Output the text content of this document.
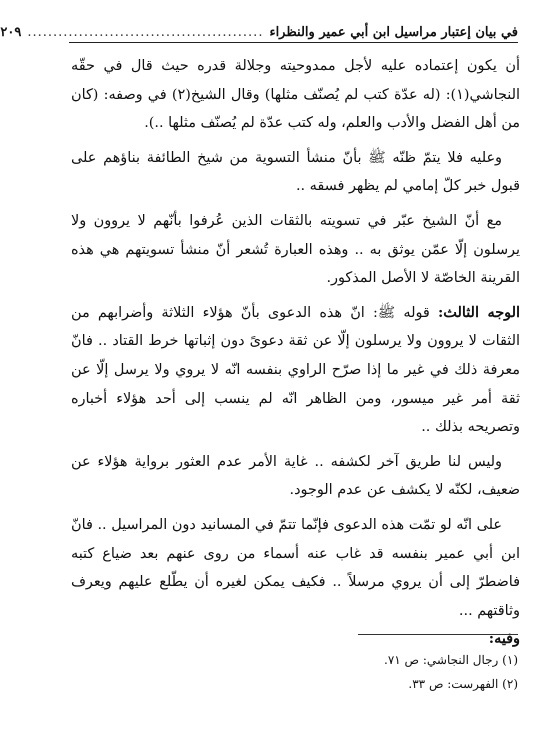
في بيان إعتبار مراسيل ابن أبي عمير والنظراء
..............................................
٢٠٩

أن يكون إعتماده عليه لأجل ممدوحيته وجلالة قدره حيث قال في حقّه النجاشي(١): (له عدّة كتب لم يُصنّف مثلها) وقال الشيخ(٢) في وصفه: (كان من أهل الفضل والأدب والعلم، وله كتب عدّة لم يُصنّف مثلها ..).

وعليه فلا يتمّ ظنّه ﷺ بأنّ منشأ التسوية من شيخ الطائفة بناؤهم على قبول خبر كلّ إمامي لم يظهر فسقه ..

مع أنّ الشيخ عبّر في تسويته بالثقات الذين عُرفوا بأنّهم لا يروون ولا يرسلون إلّا عمّن يوثق به .. وهذه العبارة تُشعر أنّ منشأ تسويتهم هي هذه القرينة الخاصّة لا الأصل المذكور.

الوجه الثالث: قوله ﷺ: انّ هذه الدعوى بأنّ هؤلاء الثلاثة وأضرابهم من الثقات لا يروون ولا يرسلون إلّا عن ثقة دعوىً دون إثباتها خرط القتاد .. فانّ معرفة ذلك في غير ما إذا صرّح الراوي بنفسه انّه لا يروي ولا يرسل إلّا عن ثقة أمر غير ميسور، ومن الظاهر انّه لم ينسب إلى أحد هؤلاء أخباره وتصريحه بذلك ..

وليس لنا طريق آخر لكشفه .. غاية الأمر عدم العثور برواية هؤلاء عن ضعيف، لكنّه لا يكشف عن عدم الوجود.

على انّه لو تمّت هذه الدعوى فإنّما تتمّ في المسانيد دون المراسيل .. فانّ ابن أبي عمير بنفسه قد غاب عنه أسماء من روى عنهم بعد ضياع كتبه فاضطرّ إلى أن يروي مرسلاً .. فكيف يمكن لغيره أن يطّلع عليهم ويعرف وثاقتهم ...

وفيه:

(١) رجال النجاشي: ص ٧١.
(٢) الفهرست: ص ٣٣.
